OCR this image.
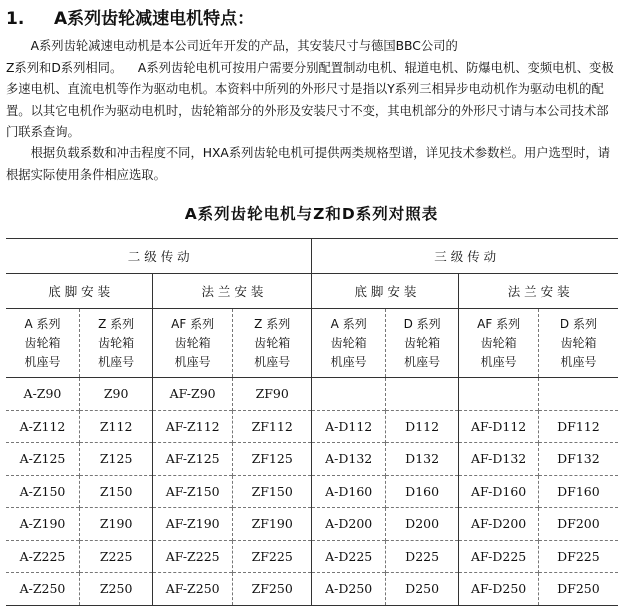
1. A系列齿轮减速电机特点：

A系列齿轮减速电动机是本公司近年开发的产品，其安装尺寸与德国BBC公司的

Z系列和D系列相同。 A系列齿轮电机可按用户需要分别配置制动电机、辊道电机、防爆电机、变频电机、变极多速电机、直流电机等作为驱动电机。本资料中所列的外形尺寸是指以Y系列三相异步电动机作为驱动电机的配置。以其它电机作为驱动电机时，齿轮箱部分的外形及安装尺寸不变，其电机部分的外形尺寸请与本公司技术部门联系查询。

根据负载系数和冲击程度不同，HXA系列齿轮电机可提供两类规格型谱，详见技术参数栏。用户选型时，请根据实际使用条件相应选取。

A系列齿轮电机与Z和D系列对照表
二 级 传 动				三 级 传 动			
底 脚 安 装		法 兰 安 装		底 脚 安 装		法 兰 安 装	
A 系列
齿轮箱
机座号	Z 系列
齿轮箱
机座号	AF 系列
齿轮箱
机座号	Z 系列
齿轮箱
机座号	A 系列
齿轮箱
机座号	D 系列
齿轮箱
机座号	AF 系列
齿轮箱
机座号	D 系列
齿轮箱
机座号
A-Z90	Z90	AF-Z90	ZF90				
A-Z112	Z112	AF-Z112	ZF112	A-D112	D112	AF-D112	DF112
A-Z125	Z125	AF-Z125	ZF125	A-D132	D132	AF-D132	DF132
A-Z150	Z150	AF-Z150	ZF150	A-D160	D160	AF-D160	DF160
A-Z190	Z190	AF-Z190	ZF190	A-D200	D200	AF-D200	DF200
A-Z225	Z225	AF-Z225	ZF225	A-D225	D225	AF-D225	DF225
A-Z250	Z250	AF-Z250	ZF250	A-D250	D250	AF-D250	DF250
